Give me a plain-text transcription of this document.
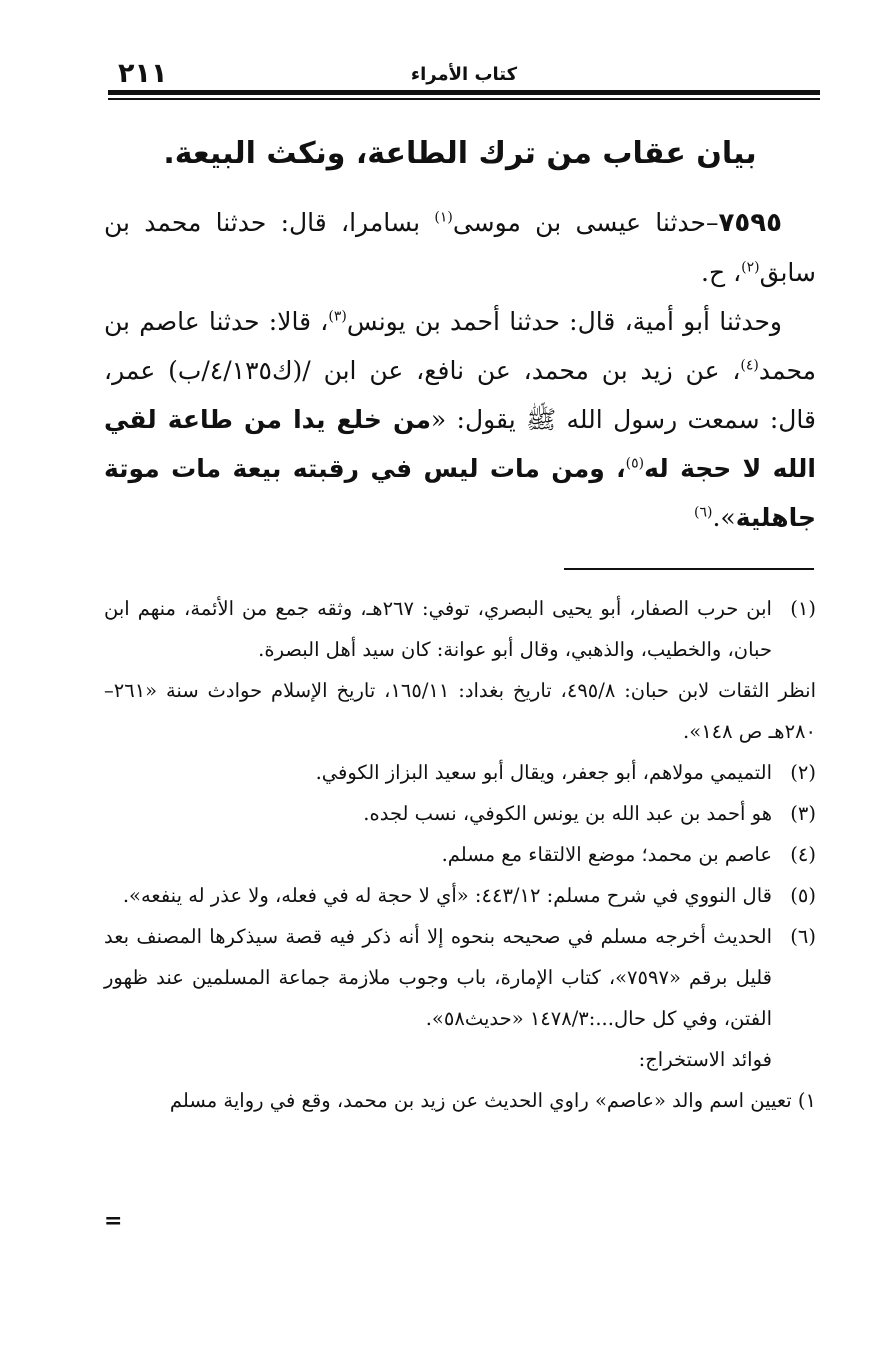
٢١١	كتاب الأمراء
بيان عقاب من ترك الطاعة، ونكث البيعة.

٧٥٩٥–حدثنا عيسى بن موسى$^{(١)}$ بسامرا، قال: حدثنا محمد بن سابق$^{(٢)}$، ح.

وحدثنا أبو أمية، قال: حدثنا أحمد بن يونس$^{(٣)}$، قالا: حدثنا عاصم بن محمد$^{(٤)}$، عن زيد بن محمد، عن نافع، عن ابن /(ك٤/١٣٥/ب) عمر، قال: سمعت رسول الله ﷺ يقول: «من خلع يدا من طاعة لقي الله لا حجة له$^{(٥)}$، ومن مات ليس في رقبته بيعة مات موتة جاهلية».$^{(٦)}$

(١)

ابن حرب الصفار، أبو يحيى البصري، توفي: ٢٦٧هـ، وثقه جمع من الأئمة، منهم ابن حبان، والخطيب، والذهبي، وقال أبو عوانة: كان سيد أهل البصرة.

انظر الثقات لابن حبان: ٤٩٥/٨، تاريخ بغداد: ١٦٥/١١، تاريخ الإسلام حوادث سنة «٢٦١–٢٨٠هـ ص ١٤٨».

(٢)

التميمي مولاهم، أبو جعفر، ويقال أبو سعيد البزاز الكوفي.

(٣)

هو أحمد بن عبد الله بن يونس الكوفي، نسب لجده.

(٤)

عاصم بن محمد؛ موضع الالتقاء مع مسلم.

(٥)

قال النووي في شرح مسلم: ٤٤٣/١٢: «أي لا حجة له في فعله، ولا عذر له ينفعه».

(٦)

الحديث أخرجه مسلم في صحيحه بنحوه إلا أنه ذكر فيه قصة سيذكرها المصنف بعد قليل برقم «٧٥٩٧»، كتاب الإمارة، باب وجوب ملازمة جماعة المسلمين عند ظهور الفتن، وفي كل حال...:١٤٧٨/٣ «حديث٥٨».

فوائد الاستخراج:

١) تعيين اسم والد «عاصم» راوي الحديث عن زيد بن محمد، وقع في رواية مسلم

=
